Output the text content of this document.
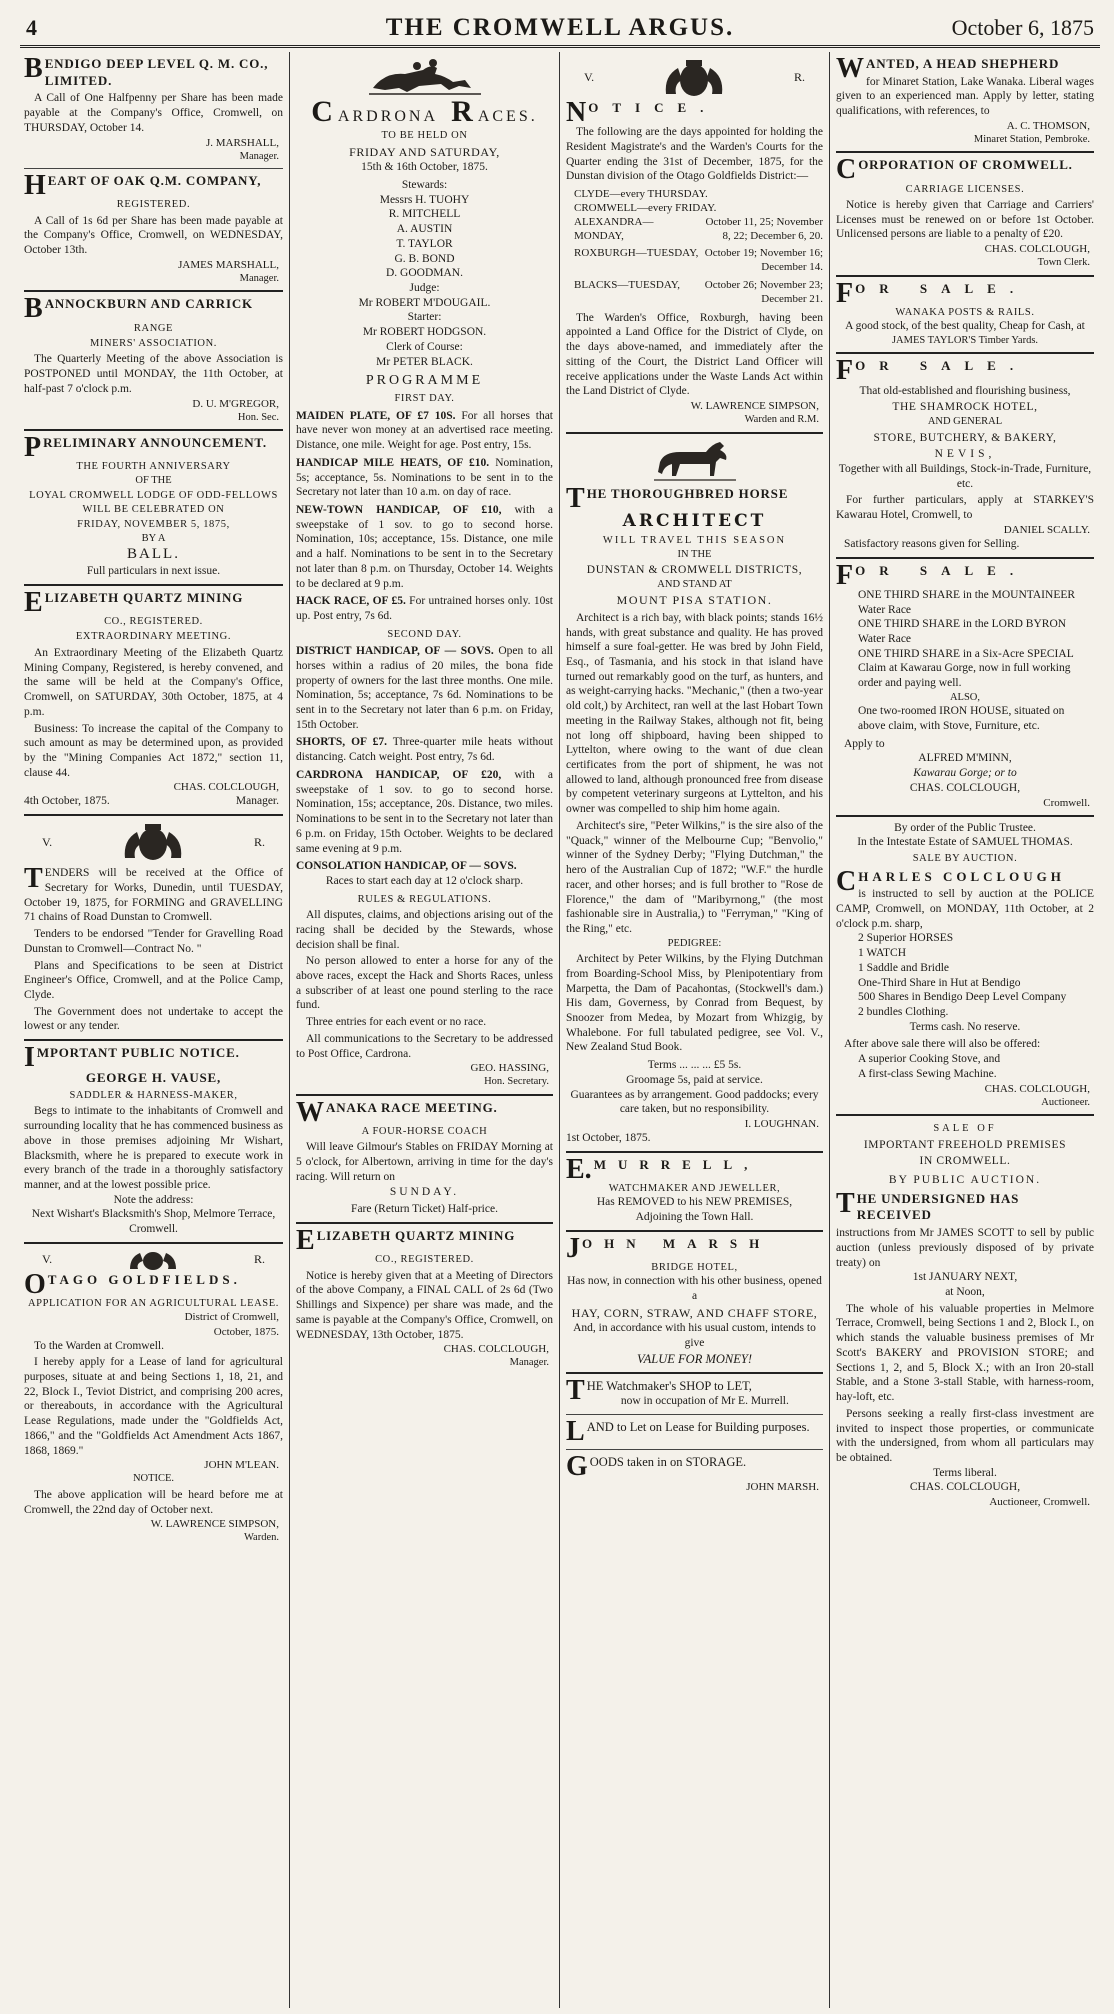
4	THE CROMWELL ARGUS.	October 6, 1875
BENDIGO DEEP LEVEL Q. M. CO., LIMITED.

A Call of One Halfpenny per Share has been made payable at the Company's Office, Cromwell, on THURSDAY, October 14.

J. MARSHALL,
Manager.
HEART OF OAK Q.M. COMPANY,
REGISTERED.

A Call of 1s 6d per Share has been made payable at the Company's Office, Cromwell, on WEDNESDAY, October 13th.

JAMES MARSHALL,
Manager.
BANNOCKBURN AND CARRICK
RANGE
MINERS' ASSOCIATION.

The Quarterly Meeting of the above Association is POSTPONED until MONDAY, the 11th October, at half-past 7 o'clock p.m.

D. U. M'GREGOR,
Hon. Sec.
PRELIMINARY ANNOUNCEMENT.
THE FOURTH ANNIVERSARY
OF THE
LOYAL CROMWELL LODGE OF ODD-FELLOWS WILL BE CELEBRATED ON
FRIDAY, NOVEMBER 5, 1875,
BY A
BALL.
Full particulars in next issue.
ELIZABETH QUARTZ MINING
CO., REGISTERED.
EXTRAORDINARY MEETING.

An Extraordinary Meeting of the Elizabeth Quartz Mining Company, Registered, is hereby convened, and the same will be held at the Company's Office, Cromwell, on SATURDAY, 30th October, 1875, at 4 p.m.

Business: To increase the capital of the Company to such amount as may be determined upon, as provided by the "Mining Companies Act 1872," section 11, clause 44.

CHAS. COLCLOUGH,
4th October, 1875.	Manager.
V.	R.

TENDERS will be received at the Office of Secretary for Works, Dunedin, until TUESDAY, October 19, 1875, for FORMING and GRAVELLING 71 chains of Road Dunstan to Cromwell.

Tenders to be endorsed "Tender for Gravelling Road Dunstan to Cromwell—Contract No. "

Plans and Specifications to be seen at District Engineer's Office, Cromwell, and at the Police Camp, Clyde.

The Government does not undertake to accept the lowest or any tender.

IMPORTANT PUBLIC NOTICE.
GEORGE H. VAUSE,
SADDLER & HARNESS-MAKER,

Begs to intimate to the inhabitants of Cromwell and surrounding locality that he has commenced business as above in those premises adjoining Mr Wishart, Blacksmith, where he is prepared to execute work in every branch of the trade in a thoroughly satisfactory manner, and at the lowest possible price.

Note the address:
Next Wishart's Blacksmith's Shop, Melmore Terrace, Cromwell.
V.	R.
OTAGO GOLDFIELDS.
APPLICATION FOR AN AGRICULTURAL LEASE.
District of Cromwell,
October, 1875.
To the Warden at Cromwell.

I hereby apply for a Lease of land for agricultural purposes, situate at and being Sections 1, 18, 21, and 22, Block I., Teviot District, and comprising 200 acres, or thereabouts, in accordance with the Agricultural Lease Regulations, made under the "Goldfields Act, 1866," and the "Goldfields Act Amendment Acts 1867, 1868, 1869."

JOHN M'LEAN.
NOTICE.

The above application will be heard before me at Cromwell, the 22nd day of October next.

W. LAWRENCE SIMPSON,
Warden.
CARDRONA R ACES.
TO BE HELD ON
FRIDAY AND SATURDAY,
15th & 16th October, 1875.
Stewards:
Messrs H. TUOHY
R. MITCHELL
A. AUSTIN
T. TAYLOR
G. B. BOND
D. GOODMAN.
Judge:
Mr ROBERT M'DOUGAIL.
Starter:
Mr ROBERT HODGSON.
Clerk of Course:
Mr PETER BLACK.
PROGRAMME
FIRST DAY.
MAIDEN PLATE, OF £7 10S. For all horses that have never won money at an advertised race meeting. Distance, one mile. Weight for age. Post entry, 15s.
HANDICAP MILE HEATS, OF £10. Nomination, 5s; acceptance, 5s. Nominations to be sent in to the Secretary not later than 10 a.m. on day of race.
NEW-TOWN HANDICAP, OF £10, with a sweepstake of 1 sov. to go to second horse. Nomination, 10s; acceptance, 15s. Distance, one mile and a half. Nominations to be sent in to the Secretary not later than 8 p.m. on Thursday, October 14. Weights to be declared at 9 p.m.
HACK RACE, OF £5. For untrained horses only. 10st up. Post entry, 7s 6d.
SECOND DAY.
DISTRICT HANDICAP, OF — SOVS. Open to all horses within a radius of 20 miles, the bona fide property of owners for the last three months. One mile. Nomination, 5s; acceptance, 7s 6d. Nominations to be sent in to the Secretary not later than 6 p.m. on Friday, 15th October.
SHORTS, OF £7. Three-quarter mile heats without distancing. Catch weight. Post entry, 7s 6d.
CARDRONA HANDICAP, OF £20, with a sweepstake of 1 sov. to go to second horse. Nomination, 15s; acceptance, 20s. Distance, two miles. Nominations to be sent in to the Secretary not later than 6 p.m. on Friday, 15th October. Weights to be declared same evening at 9 p.m.
CONSOLATION HANDICAP, OF — SOVS.
Races to start each day at 12 o'clock sharp.
RULES & REGULATIONS.

All disputes, claims, and objections arising out of the racing shall be decided by the Stewards, whose decision shall be final.

No person allowed to enter a horse for any of the above races, except the Hack and Shorts Races, unless a subscriber of at least one pound sterling to the race fund.

Three entries for each event or no race.

All communications to the Secretary to be addressed to Post Office, Cardrona.

GEO. HASSING,
Hon. Secretary.
WANAKA RACE MEETING.
A FOUR-HORSE COACH

Will leave Gilmour's Stables on FRIDAY Morning at 5 o'clock, for Albertown, arriving in time for the day's racing. Will return on

SUNDAY.
Fare (Return Ticket) Half-price.
ELIZABETH QUARTZ MINING
CO., REGISTERED.

Notice is hereby given that at a Meeting of Directors of the above Company, a FINAL CALL of 2s 6d (Two Shillings and Sixpence) per share was made, and the same is payable at the Company's Office, Cromwell, on WEDNESDAY, 13th October, 1875.

CHAS. COLCLOUGH,
Manager.
V.	R.
NOTICE.

The following are the days appointed for holding the Resident Magistrate's and the Warden's Courts for the Quarter ending the 31st of December, 1875, for the Dunstan division of the Otago Goldfields District:—

CLYDE—every THURSDAY.
CROMWELL—every FRIDAY.
ALEXANDRA—MONDAY,
October 11, 25; November 8, 22; December 6, 20.
ROXBURGH—TUESDAY, October 19; November 16; December 14.
BLACKS—TUESDAY, October 26; November 23; December 21.

The Warden's Office, Roxburgh, having been appointed a Land Office for the District of Clyde, on the days above-named, and immediately after the sitting of the Court, the District Land Officer will receive applications under the Waste Lands Act within the Land District of Clyde.

W. LAWRENCE SIMPSON,
Warden and R.M.
THE THOROUGHBRED HORSE
ARCHITECT
WILL TRAVEL THIS SEASON
IN THE
DUNSTAN & CROMWELL DISTRICTS,
AND STAND AT
MOUNT PISA STATION.

Architect is a rich bay, with black points; stands 16½ hands, with great substance and quality. He has proved himself a sure foal-getter. He was bred by John Field, Esq., of Tasmania, and his stock in that island have turned out remarkably good on the turf, as hunters, and as weight-carrying hacks. "Mechanic," (then a two-year old colt,) by Architect, ran well at the last Hobart Town meeting in the Railway Stakes, although not fit, being not long off shipboard, having been shipped to Lyttelton, where owing to the want of due clean certificates from the port of shipment, he was not allowed to land, although pronounced free from disease by competent veterinary surgeons at Lyttelton, and his owner was compelled to ship him home again.

Architect's sire, "Peter Wilkins," is the sire also of the "Quack," winner of the Melbourne Cup; "Benvolio," winner of the Sydney Derby; "Flying Dutchman," the hero of the Australian Cup of 1872; "W.F." the hurdle racer, and other horses; and is full brother to "Rose de Florence," the dam of "Maribyrnong," (the most fashionable sire in Australia,) to "Ferryman," "King of the Ring," etc.

PEDIGREE:

Architect by Peter Wilkins, by the Flying Dutchman from Boarding-School Miss, by Plenipotentiary from Marpetta, the Dam of Pacahontas, (Stockwell's dam.) His dam, Governess, by Conrad from Bequest, by Snoozer from Medea, by Mozart from Whizgig, by Whalebone. For full tabulated pedigree, see Vol. V., New Zealand Stud Book.

Terms ... ... ... £5 5s.
Groomage 5s, paid at service.
Guarantees as by arrangement. Good paddocks; every care taken, but no responsibility.
I. LOUGHNAN.
1st October, 1875.
E. MURRELL,
WATCHMAKER AND JEWELLER,
Has REMOVED to his NEW PREMISES,
Adjoining the Town Hall.
JOHN MARSH
BRIDGE HOTEL,
Has now, in connection with his other business, opened a
HAY, CORN, STRAW, AND CHAFF STORE,
And, in accordance with his usual custom, intends to give
VALUE FOR MONEY!
THE Watchmaker's SHOP to LET,
now in occupation of Mr E. Murrell.
LAND to Let on Lease for Building purposes.
GOODS taken in on STORAGE.
JOHN MARSH.
WANTED, A HEAD SHEPHERD

for Minaret Station, Lake Wanaka. Liberal wages given to an experienced man. Apply by letter, stating qualifications, with references, to

A. C. THOMSON,
Minaret Station, Pembroke.
CORPORATION OF CROMWELL.
CARRIAGE LICENSES.

Notice is hereby given that Carriage and Carriers' Licenses must be renewed on or before 1st October. Unlicensed persons are liable to a penalty of £20.

CHAS. COLCLOUGH,
Town Clerk.
FOR SALE.
WANAKA POSTS & RAILS.
A good stock, of the best quality, Cheap for Cash, at
JAMES TAYLOR'S Timber Yards.
FOR SALE.
That old-established and flourishing business,
THE SHAMROCK HOTEL,
AND GENERAL
STORE, BUTCHERY, & BAKERY,
NEVIS,
Together with all Buildings, Stock-in-Trade, Furniture, etc.

For further particulars, apply at STARKEY'S Kawarau Hotel, Cromwell, to

DANIEL SCALLY.
Satisfactory reasons given for Selling.
FOR SALE.
ONE THIRD SHARE in the MOUNTAINEER Water Race
ONE THIRD SHARE in the LORD BYRON Water Race
ONE THIRD SHARE in a Six-Acre SPECIAL Claim at Kawarau Gorge, now in full working order and paying well.
ALSO,
One two-roomed IRON HOUSE, situated on above claim, with Stove, Furniture, etc.
Apply to
ALFRED M'MINN,
Kawarau Gorge; or to
CHAS. COLCLOUGH,
Cromwell.
By order of the Public Trustee.
In the Intestate Estate of SAMUEL THOMAS.
SALE BY AUCTION.
CHARLES COLCLOUGH

is instructed to sell by auction at the POLICE CAMP, Cromwell, on MONDAY, 11th October, at 2 o'clock p.m. sharp,

2 Superior HORSES
1 WATCH
1 Saddle and Bridle
One-Third Share in Hut at Bendigo
500 Shares in Bendigo Deep Level Company
2 bundles Clothing.
Terms cash. No reserve.
After above sale there will also be offered:
A superior Cooking Stove, and
A first-class Sewing Machine.
CHAS. COLCLOUGH,
Auctioneer.
SALE OF
IMPORTANT FREEHOLD PREMISES
IN CROMWELL.
BY PUBLIC AUCTION.
THE UNDERSIGNED HAS RECEIVED

instructions from Mr JAMES SCOTT to sell by public auction (unless previously disposed of by private treaty) on

1st JANUARY NEXT,
at Noon,

The whole of his valuable properties in Melmore Terrace, Cromwell, being Sections 1 and 2, Block I., on which stands the valuable business premises of Mr Scott's BAKERY and PROVISION STORE; and Sections 1, 2, and 5, Block X.; with an Iron 20-stall Stable, and a Stone 3-stall Stable, with harness-room, hay-loft, etc.

Persons seeking a really first-class investment are invited to inspect those properties, or communicate with the undersigned, from whom all particulars may be obtained.

Terms liberal.
CHAS. COLCLOUGH,
Auctioneer, Cromwell.
